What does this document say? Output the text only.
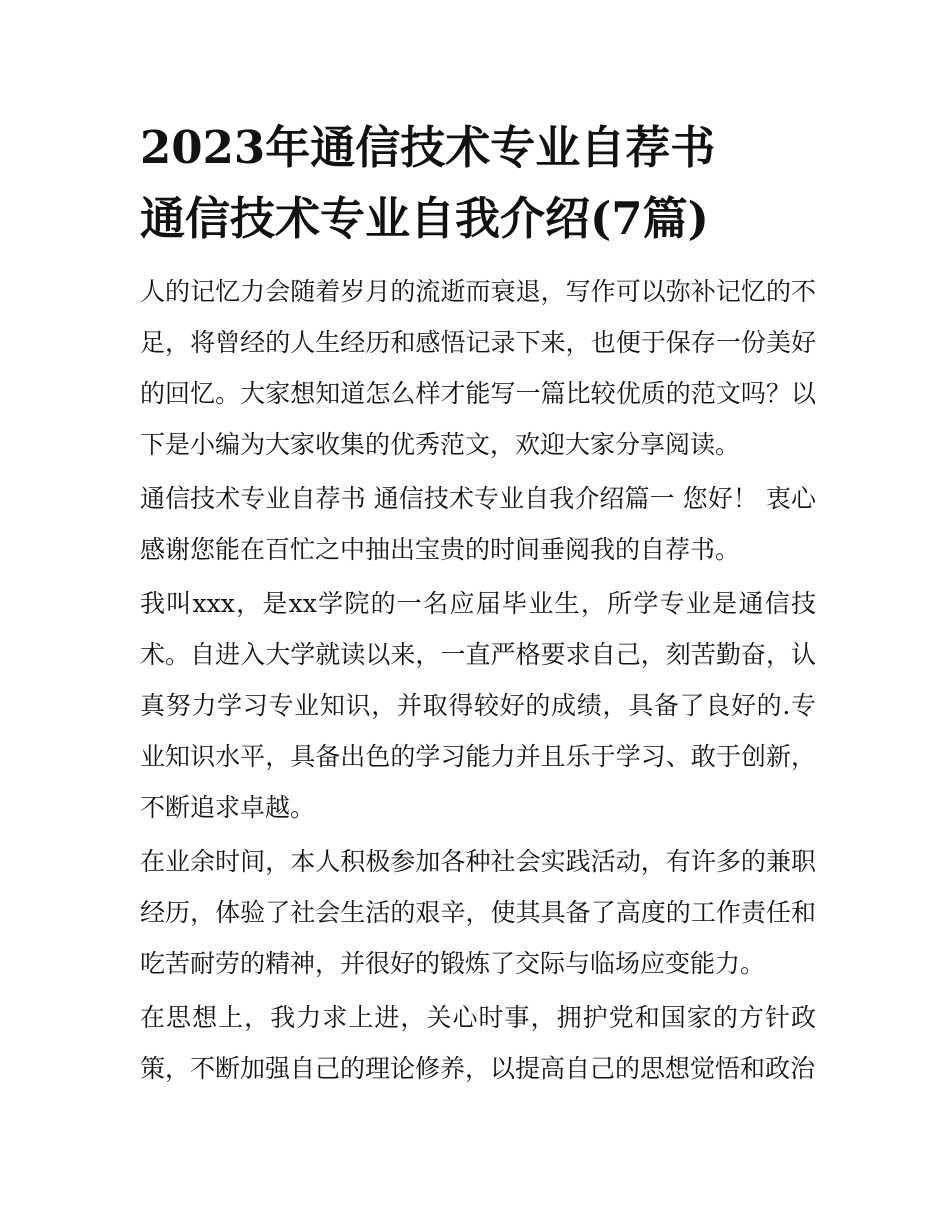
2023年通信技术专业自荐书
通信技术专业自我介绍(7篇)

人的记忆力会随着岁月的流逝而衰退，写作可以弥补记忆的不足，将曾经的人生经历和感悟记录下来，也便于保存一份美好的回忆。大家想知道怎么样才能写一篇比较优质的范文吗？以下是小编为大家收集的优秀范文，欢迎大家分享阅读。

通信技术专业自荐书 通信技术专业自我介绍篇一 您好！ 衷心感谢您能在百忙之中抽出宝贵的时间垂阅我的自荐书。

我叫xxx，是xx学院的一名应届毕业生，所学专业是通信技术。自进入大学就读以来，一直严格要求自己，刻苦勤奋，认真努力学习专业知识，并取得较好的成绩，具备了良好的.专业知识水平，具备出色的学习能力并且乐于学习、敢于创新，不断追求卓越。

在业余时间，本人积极参加各种社会实践活动，有许多的兼职经历，体验了社会生活的艰辛，使其具备了高度的工作责任和吃苦耐劳的精神，并很好的锻炼了交际与临场应变能力。

在思想上，我力求上进，关心时事，拥护党和国家的方针政策，不断加强自己的理论修养，以提高自己的思想觉悟和政治
